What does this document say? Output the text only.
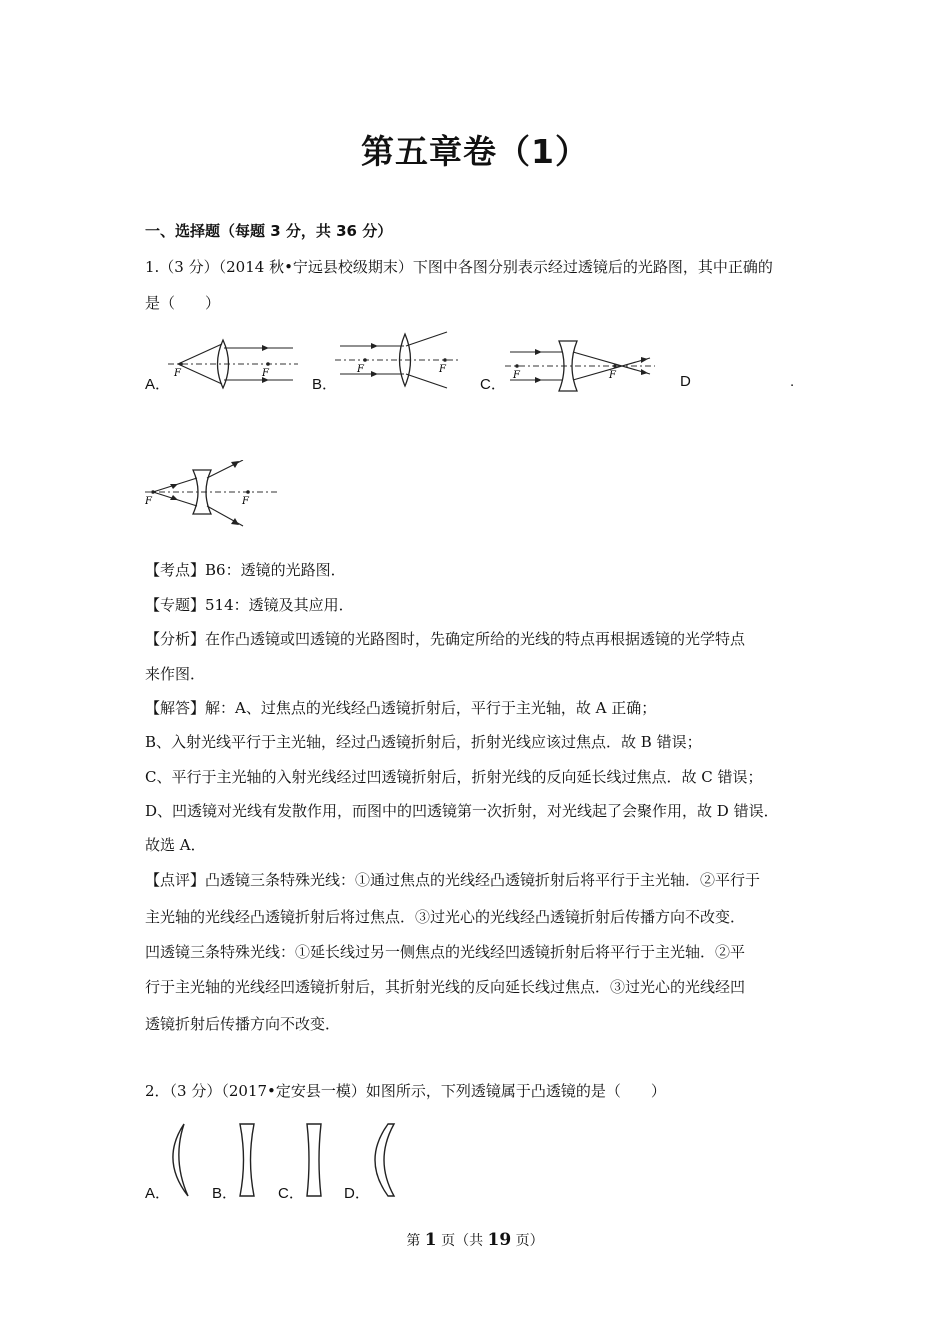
第五章卷（1）
一、选择题（每题 3 分，共 36 分）
1.（3 分）（2014 秋•宁远县校级期末）下图中各图分别表示经过透镜后的光路图，其中正确的
是（　　）
A．	B．	C．	D	.
F	F	F	F
F	F
F	F
【考点】B6：透镜的光路图．
【专题】514：透镜及其应用．
【分析】在作凸透镜或凹透镜的光路图时，先确定所给的光线的特点再根据透镜的光学特点
来作图．
【解答】解：A、过焦点的光线经凸透镜折射后，平行于主光轴，故 A 正确；
B、入射光线平行于主光轴，经过凸透镜折射后，折射光线应该过焦点．故 B 错误；
C、平行于主光轴的入射光线经过凹透镜折射后，折射光线的反向延长线过焦点．故 C 错误；
D、凹透镜对光线有发散作用，而图中的凹透镜第一次折射，对光线起了会聚作用，故 D 错误．
故选 A．
【点评】凸透镜三条特殊光线：①通过焦点的光线经凸透镜折射后将平行于主光轴．②平行于
主光轴的光线经凸透镜折射后将过焦点．③过光心的光线经凸透镜折射后传播方向不改变．
凹透镜三条特殊光线：①延长线过另一侧焦点的光线经凹透镜折射后将平行于主光轴．②平
行于主光轴的光线经凹透镜折射后，其折射光线的反向延长线过焦点．③过光心的光线经凹
透镜折射后传播方向不改变．
2．（3 分）（2017•定安县一模）如图所示，下列透镜属于凸透镜的是（　　）
A．	B．	C．	D．
第 1 页（共 19 页）
